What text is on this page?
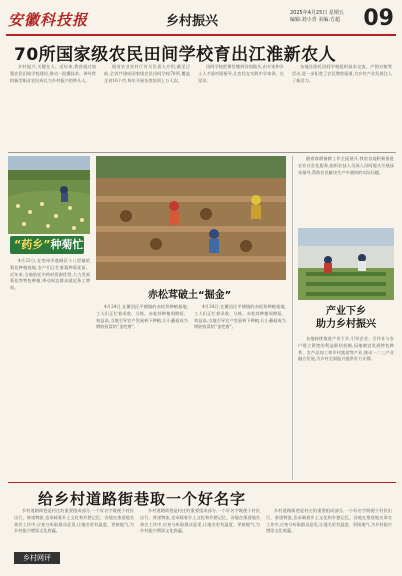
安徽科技报	乡村振兴
2025年4月25日 星期五
编辑:刘小青 美编:方超	09
70所国家级农民田间学校育出江淮新农人

乡村振兴,关键在人。近年来,我省通过加强农民田间学校建设,推动一批懂技术、善经营的新型职业农民成长为乡村振兴的带头人。

据省农业农村厅有关负责人介绍,截至目前,全省共建成国家级农民田间学校70所,覆盖全省16个市,每年开展各类培训上万人次。

田间学校把课堂搬到田间地头,由专家和乡土人才面对面指导,让农民在实践中学本领、长见识。

各地还依托田间学校组织技术交流、产销对接等活动,进一步拓宽了农民增收渠道,为乡村产业发展注入了新活力。

“药乡”种菊忙

4月23日,在亳州市谯城区十八里镇的菊花种植基地,农户们正忙着栽种菊花苗。近年来,当地依托中药材资源优势,大力发展菊花等特色种植,带动周边群众就近务工增收。

赤松茸破土“掘金”

4月24日,在繁昌区平铺镇的赤松茸种植基地,工人们正忙着采收、分拣。赤松茸种植周期短、效益高,当地引导农户发展林下种植,让小蘑菇成为增收致富的“金疙瘩”。

4月24日,在繁昌区平铺镇的赤松茸种植基地,工人们正忙着采收、分拣。赤松茸种植周期短、效益高,当地引导农户发展林下种植,让小蘑菇成为增收致富的“金疙瘩”。

随着春耕备耕工作全面展开,我省各地积极推进农业社会化服务,组织农技人员深入田间地头开展技术指导,帮助农民解决生产中遇到的实际问题。

产业下乡
助力乡村振兴

各地持续推进产业下乡,引导企业、合作社与农户建立紧密的利益联结机制,因地制宜发展特色种养、农产品加工和乡村旅游等产业,推动一二三产业融合发展,为乡村全面振兴提供有力支撑。

给乡村道路街巷取一个好名字

乡村道路街巷是村庄的重要组成部分,一个好名字既便于村民出行、寄递物流,也承载着乡土文化和乡愁记忆。各地在推进地名命名工作中,应充分听取群众意见,让地名更有温度、更接地气,为乡村振兴增添文化底蕴。

乡村道路街巷是村庄的重要组成部分,一个好名字既便于村民出行、寄递物流,也承载着乡土文化和乡愁记忆。各地在推进地名命名工作中,应充分听取群众意见,让地名更有温度、更接地气,为乡村振兴增添文化底蕴。

乡村道路街巷是村庄的重要组成部分,一个好名字既便于村民出行、寄递物流,也承载着乡土文化和乡愁记忆。各地在推进地名命名工作中,应充分听取群众意见,让地名更有温度、更接地气,为乡村振兴增添文化底蕴。

乡村网评
